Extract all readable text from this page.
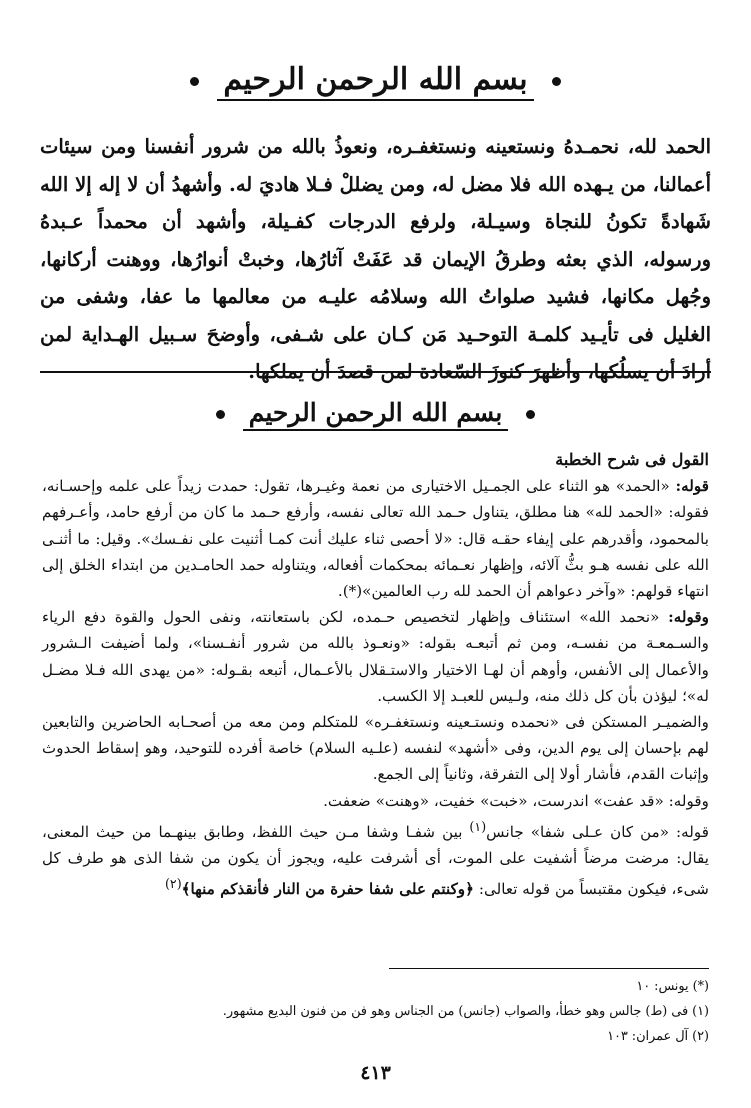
بسم الله الرحمن الرحيم
الحمد لله، نحمـدهُ ونستعينه ونستغفـره، ونعوذُ بالله من شرور أنفسنا ومن سيئات أعمالنا، من يـهده الله فلا مضل له، ومن يضللْ فـلا هاديَ له. وأشهدُ أن لا إله إلا الله شَهادةً تكونُ للنجاة وسيـلة، ولرفع الدرجات كفـيلة، وأشهد أن محمداً عـبدهُ ورسوله، الذي بعثه وطرقُ الإيمان قد عَفَتْ آثارُها، وخبتْ أنوارُها، ووهنت أركانها، وجُهل مكانها، فشيد صلواتُ الله وسلامُه عليـه من معالمها ما عفا، وشفى من الغليل فى تأيـيد كلمـة التوحـيد مَن كـان على شـفى، وأوضحَ سـبيل الهـداية لمن أرادَ أن يسلُكها، وأظهرَ كنوزَ السّعادة لمن قصدَ أن يملكها.
بسم الله الرحمن الرحيم

القول فى شرح الخطبة

قوله: «الحمد» هو الثناء على الجمـيل الاختيارى من نعمة وغيـرها، تقول: حمدت زيداً على علمه وإحسـانه، فقوله: «الحمد لله» هنا مطلق، يتناول حـمد الله تعالى نفسه، وأرفع حـمد ما كان من أرفع حامد، وأعـرفهم بالمحمود، وأقدرهم على إيفاء حقـه قال: «لا أحصى ثناء عليك أنت كمـا أثنيت على نفـسك». وقيل: ما أثنـى الله على نفسه هـو بثُّ آلائه، وإظهار نعـمائه بمحكمات أفعاله، ويتناوله حمد الحامـدين من ابتداء الخلق إلى انتهاء قولهم: «وآخر دعواهم أن الحمد لله رب العالمين»(*).

وقوله: «نحمد الله» استئناف وإظهار لتخصيص حـمده، لكن باستعانته، ونفى الحول والقوة دفع الرياء والسـمعـة من نفسـه، ومن ثم أتبعـه بقوله: «ونعـوذ بالله من شرور أنفـسنا»، ولما أضيفت الـشرور والأعمال إلى الأنفس، وأوهم أن لهـا الاختيار والاستـقلال بالأعـمال، أتبعه بقـوله: «من يهدى الله فـلا مضـل له»؛ ليؤذن بأن كل ذلك منه، ولـيس للعبـد إلا الكسب.

والضميـر المستكن فى «نحمده ونستـعينه ونستغفـره» للمتكلم ومن معه من أصحـابه الحاضرين والتابعين لهم بإحسان إلى يوم الدين، وفى «أشهد» لنفسه (علـيه السلام) خاصة أفرده للتوحيد، وهو إسقاط الحدوث وإثبات القدم، فأشار أولا إلى التفرقة، وثانياً إلى الجمع.

وقوله: «قد عفت» اندرست، «خبت» خفيت، «وهنت» ضعفت.

قوله: «من كان عـلى شفا» جانس$^{(١)}$ بين شفـا وشفا مـن حيث اللفظ، وطابق بينهـما من حيث المعنى، يقال: مرضت مرضاً أشفيت على الموت، أى أشرفت عليه، ويجوز أن يكون من شفا الذى هو طرف كل شىء، فيكون مقتبساً من قوله تعالى: ﴿وكنتم على شفا حفرة من النار فأنقذكم منها﴾$^{(٢)}$

(*) يونس: ١٠

(١) فى (ط) جالس وهو خطأ، والصواب (جانس) من الجناس وهو فن من فنون البديع مشهور.

(٢) آل عمران: ١٠٣

٤١٣
